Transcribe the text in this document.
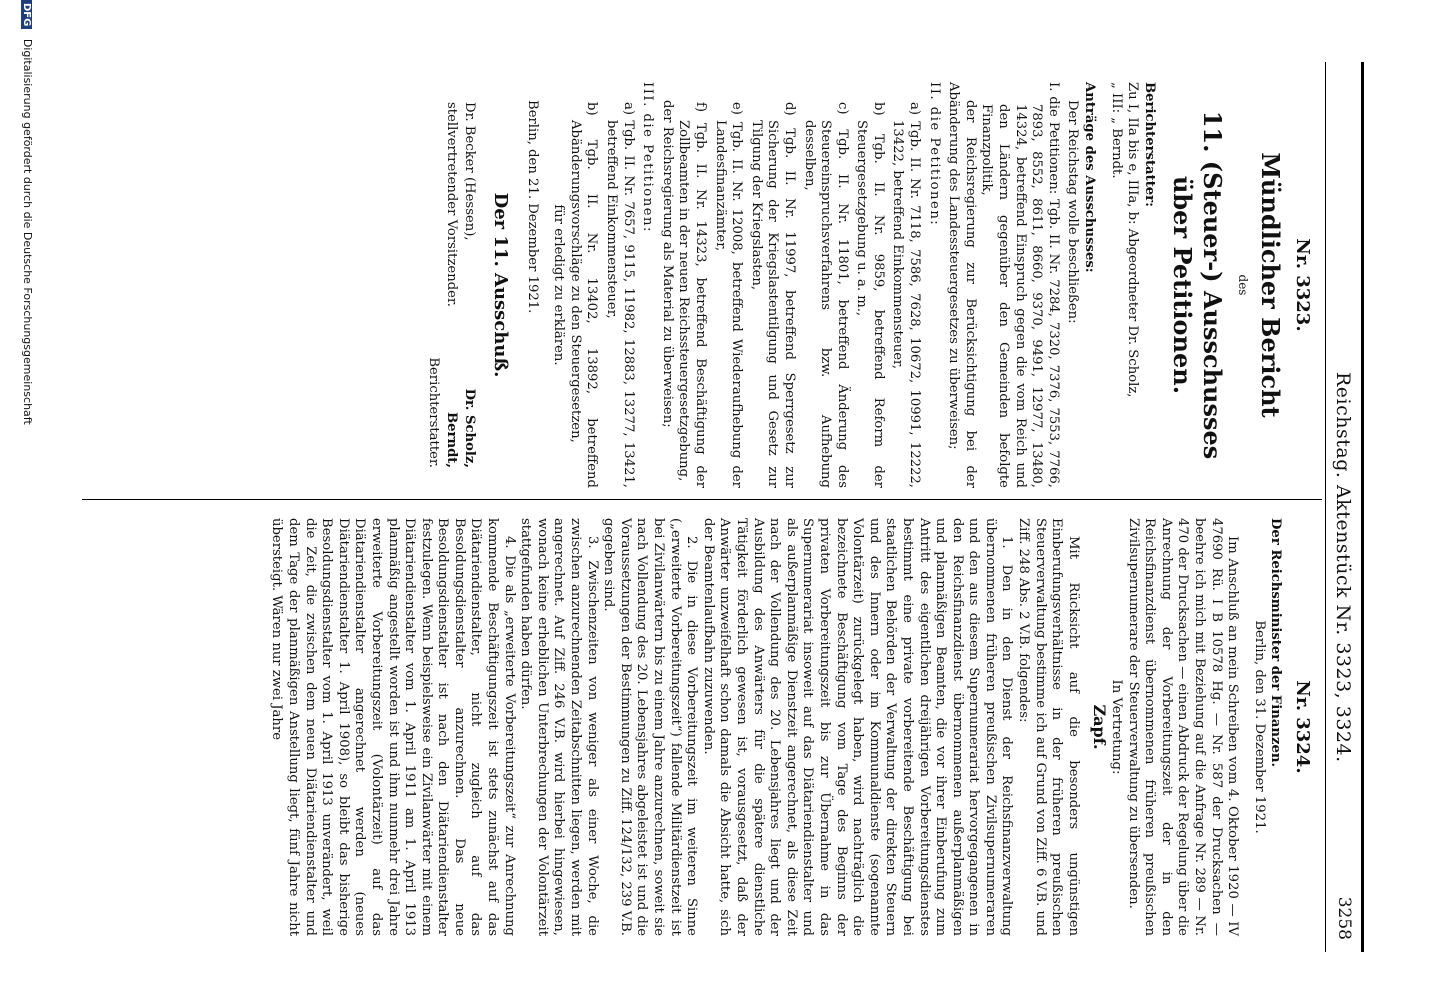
Reichstag. Aktenstück Nr. 3323, 3324.
3258
Nr. 3323.
Mündlicher Bericht
des
11. (Steuer-) Ausschusses über Petitionen.

Berichterstatter:

Zu I, IIa bis e, IIIa, b: Abgeordneter Dr. Scholz,

„ III: „ Berndt.

Anträge des Ausschusses:

Der Reichstag wolle beschließen:

I. die Petitionen: Tgb. II. Nr. 7284, 7320, 7376, 7553, 7766, 7893, 8552, 8611, 8660, 9370, 9491, 12977, 13480, 14324, betreffend Einspruch gegen die vom Reich und den Ländern gegenüber den Gemeinden befolgte Finanzpolitik,

der Reichsregierung zur Berücksichtigung bei der Abänderung des Landessteuergesetzes zu überweisen;

II. die Petitionen:

a) Tgb. II. Nr. 7118, 7586, 7628, 10672, 10991, 12222, 13422, betreffend Einkommensteuer,

b) Tgb. II. Nr. 9859, betreffend Reform der Steuergesetzgebung u. a. m.,

c) Tgb. II. Nr. 11801, betreffend Änderung des Steuereinspruchsverfahrens bzw. Aufhebung desselben,

d) Tgb. II. Nr. 11997, betreffend Sperrgesetz zur Sicherung der Kriegslastentilgung und Gesetz zur Tilgung der Kriegslasten,

e) Tgb. II. Nr. 12008, betreffend Wiederaufhebung der Landesfinanzämter,

f) Tgb. II. Nr. 14323, betreffend Beschäftigung der Zollbeamten in der neuen Reichssteuergesetzgebung,

der Reichsregierung als Material zu überweisen;

III. die Petitionen:

a) Tgb. II. Nr. 7657, 9115, 11982, 12883, 13277, 13421, betreffend Einkommensteuer,

b) Tgb. II. Nr. 13402, 13892, betreffend Abänderungsvorschläge zu den Steuergesetzen,

für erledigt zu erklären.

Berlin, den 21. Dezember 1921.

Der 11. Ausschuß.

Dr. Becker (Hessen),
Dr. Scholz,
stellvertretender Vorsitzender.
Berndt,
Berichterstatter.
Nr. 3324.

Der Reichsminister der Finanzen.

Berlin, den 31. Dezember 1921.

Im Anschluß an mein Schreiben vom 4. Oktober 1920 — IV 47690 Rü. I B 10578 Hg. — Nr. 587 der Drucksachen — beehre ich mich mit Beziehung auf die Anfrage Nr. 289 — Nr. 470 der Drucksachen — einen Abdruck der Regelung über die Anrechnung der Vorbereitungszeit der in den Reichsfinanzdienst übernommenen früheren preußischen Zivilsupernumerare der Steuerverwaltung zu übersenden.

In Vertretung:

Zapf.

Mit Rücksicht auf die besonders ungünstigen Einberufungsverhältnisse in der früheren preußischen Steuerverwaltung bestimme ich auf Grund von Ziff. 6 V.B. und Ziff. 248 Abs. 2 V.B. folgendes:

1. Den in den Dienst der Reichsfinanzverwaltung übernommenen früheren preußischen Zivilsupernumeraren und den aus diesem Supernumerariat hervorgegangenen in den Reichsfinanzdienst übernommenen außerplanmäßigen und planmäßigen Beamten, die vor ihrer Einberufung zum Antritt des eigentlichen dreijährigen Vorbereitungsdienstes bestimmt eine private vorbereitende Beschäftigung bei staatlichen Behörden der Verwaltung der direkten Steuern und des Innern oder im Kommunaldienste (sogenannte Volontärzeit) zurückgelegt haben, wird nachträglich die bezeichnete Beschäftigung vom Tage des Beginns der privaten Vorbereitungszeit bis zur Übernahme in das Supernumerariat insoweit auf das Diätariendienstalter und als außerplanmäßige Dienstzeit angerechnet, als diese Zeit nach der Vollendung des 20. Lebensjahres liegt und der Ausbildung des Anwärters für die spätere dienstliche Tätigkeit förderlich gewesen ist, vorausgesetzt, daß der Anwärter unzweifelhaft schon damals die Absicht hatte, sich der Beamtenlaufbahn zuzuwenden.

2. Die in diese Vorbereitungszeit im weiteren Sinne („erweiterte Vorbereitungszeit“) fallende Militärdienstzeit ist bei Zivilanwärtern bis zu einem Jahre anzurechnen, soweit sie nach Vollendung des 20. Lebensjahres abgeleistet ist und die Voraussetzungen der Bestimmungen zu Ziff. 124/132, 239 V.B. gegeben sind.

3. Zwischenzeiten von weniger als einer Woche, die zwischen anzurechnenden Zeitabschnitten liegen, werden mit angerechnet. Auf Ziff. 246 V.B. wird hierbei hingewiesen, wonach keine erheblichen Unterbrechungen der Volontärzeit stattgefunden haben dürfen.

4. Die als „erweiterte Vorbereitungszeit“ zur Anrechnung kommende Beschäftigungszeit ist stets zunächst auf das Diätariendienstalter, nicht zugleich auf das Besoldungsdienstalter anzurechnen. Das neue Besoldungsdienstalter ist nach den Diätariendienstalter festzulegen. Wenn beispielsweise ein Zivilanwärter mit einem Diätariendienstalter vom 1. April 1911 am 1. April 1913 planmäßig angestellt worden ist und ihm nunmehr drei Jahre erweiterte Vorbereitungszeit (Volontärzeit) auf das Diätariendienstalter angerechnet werden (neues Diätariendienstalter 1. April 1908), so bleibt das bisherige Besoldungsdienstalter vom 1. April 1913 unverändert, weil die Zeit, die zwischen dem neuen Diätariendienstalter und dem Tage der planmäßigen Anstellung liegt, fünf Jahre nicht übersteigt. Wären nur zwei Jahre

DFG Digitalisierung gefördert durch die Deutsche Forschungsgemeinschaft
